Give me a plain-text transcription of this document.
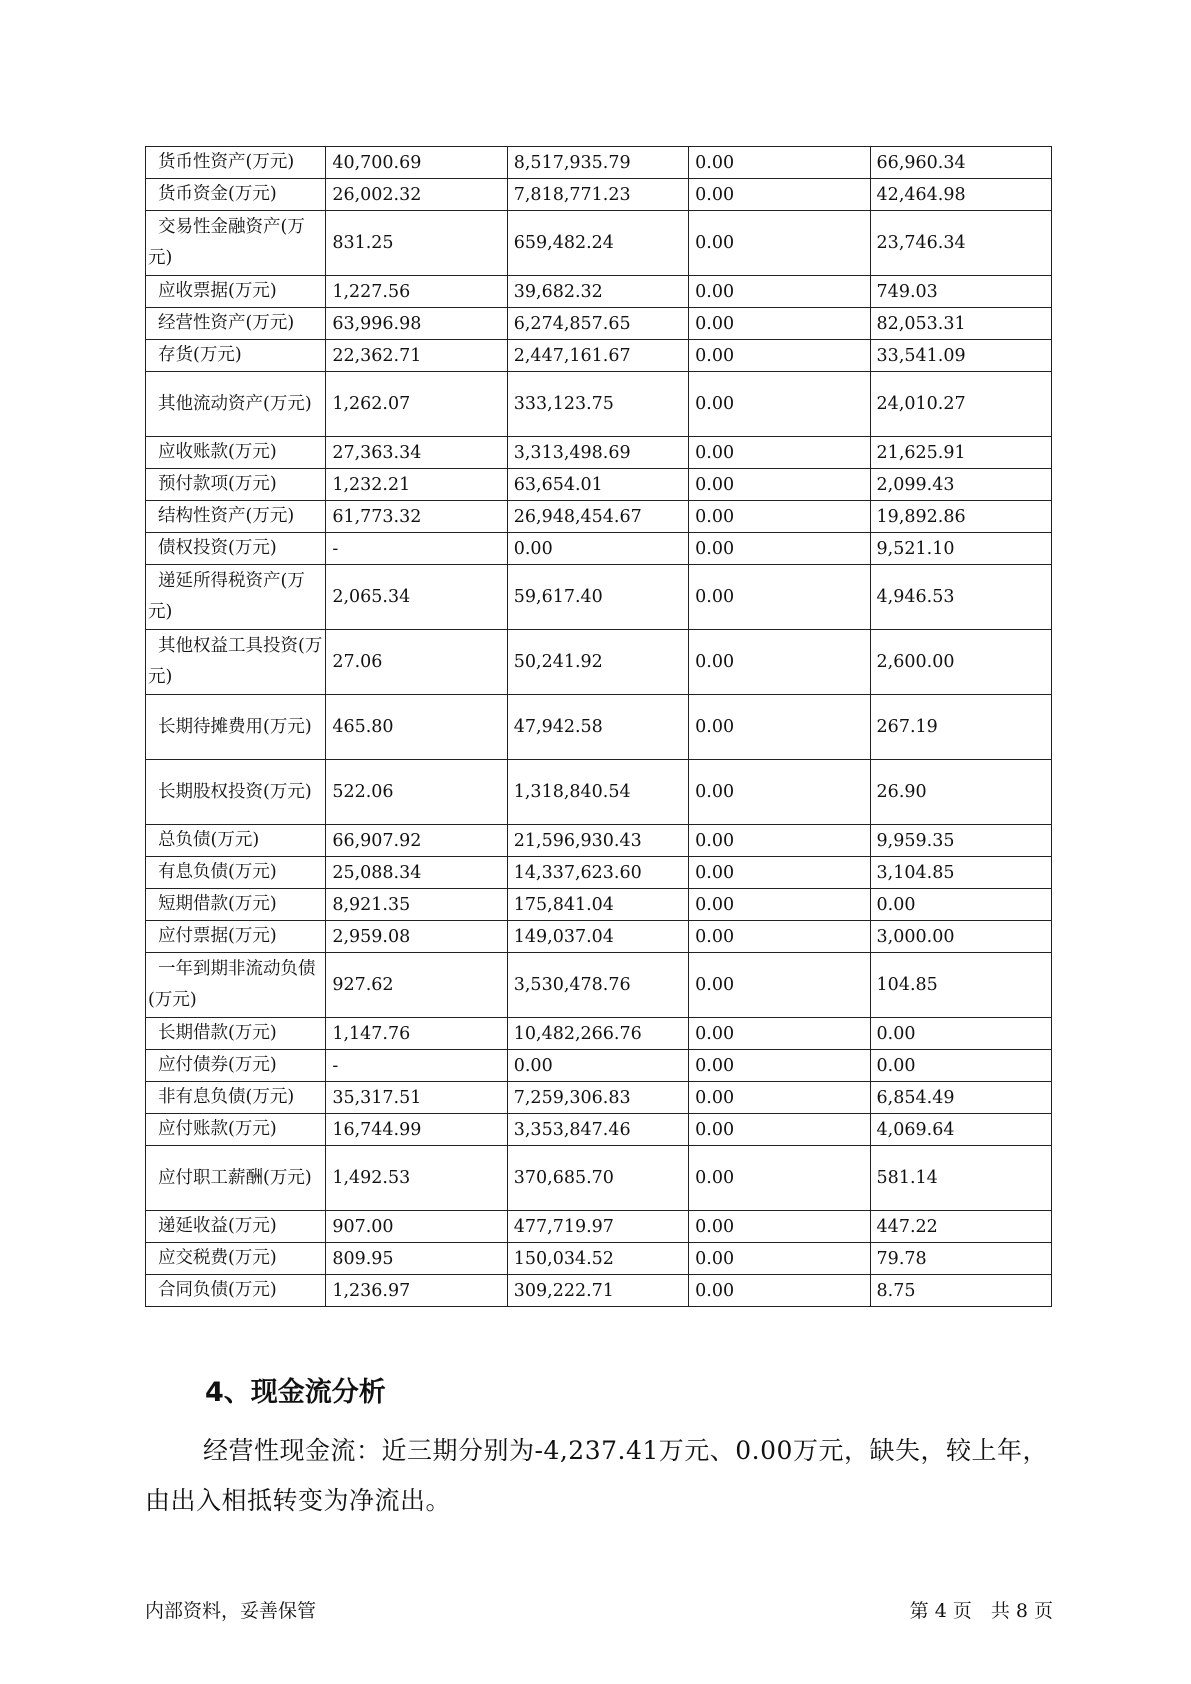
货币性资产(万元)	40,700.69	8,517,935.79	0.00	66,960.34

货币资金(万元)	26,002.32	7,818,771.23	0.00	42,464.98

交易性金融资产(万元)	831.25	659,482.24	0.00	23,746.34

应收票据(万元)	1,227.56	39,682.32	0.00	749.03

经营性资产(万元)	63,996.98	6,274,857.65	0.00	82,053.31

存货(万元)	22,362.71	2,447,161.67	0.00	33,541.09

其他流动资产(万元)	1,262.07	333,123.75	0.00	24,010.27

应收账款(万元)	27,363.34	3,313,498.69	0.00	21,625.91

预付款项(万元)	1,232.21	63,654.01	0.00	2,099.43

结构性资产(万元)	61,773.32	26,948,454.67	0.00	19,892.86

债权投资(万元)	-	0.00	0.00	9,521.10

递延所得税资产(万元)	2,065.34	59,617.40	0.00	4,946.53

其他权益工具投资(万元)	27.06	50,241.92	0.00	2,600.00

长期待摊费用(万元)	465.80	47,942.58	0.00	267.19

长期股权投资(万元)	522.06	1,318,840.54	0.00	26.90

总负债(万元)	66,907.92	21,596,930.43	0.00	9,959.35

有息负债(万元)	25,088.34	14,337,623.60	0.00	3,104.85

短期借款(万元)	8,921.35	175,841.04	0.00	0.00

应付票据(万元)	2,959.08	149,037.04	0.00	3,000.00

一年到期非流动负债(万元)	927.62	3,530,478.76	0.00	104.85

长期借款(万元)	1,147.76	10,482,266.76	0.00	0.00

应付债券(万元)	-	0.00	0.00	0.00

非有息负债(万元)	35,317.51	7,259,306.83	0.00	6,854.49

应付账款(万元)	16,744.99	3,353,847.46	0.00	4,069.64

应付职工薪酬(万元)	1,492.53	370,685.70	0.00	581.14

递延收益(万元)	907.00	477,719.97	0.00	447.22

应交税费(万元)	809.95	150,034.52	0.00	79.78

合同负债(万元)	1,236.97	309,222.71	0.00	8.75
4、现金流分析
经营性现金流：近三期分别为-4,237.41万元、0.00万元，缺失，较上年，由出入相抵转变为净流出。
内部资料，妥善保管	第 4 页　共 8 页
